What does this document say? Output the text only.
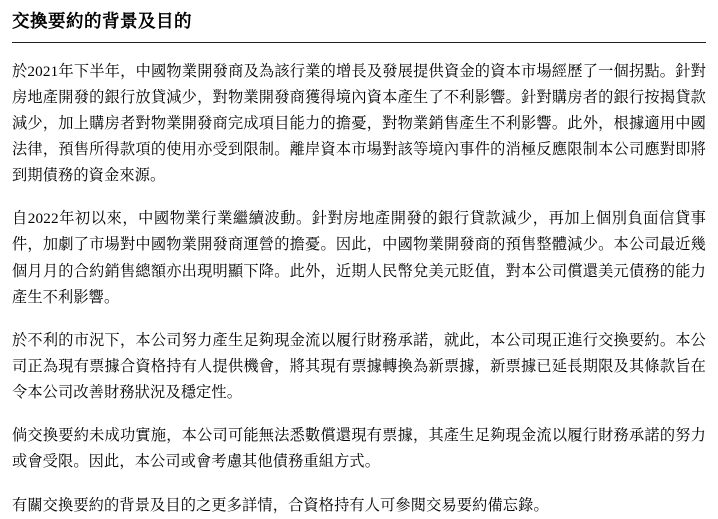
交換要約的背景及目的

於2021年下半年，中國物業開發商及為該行業的增長及發展提供資金的資本市場經歷了一個拐點。針對房地產開發的銀行放貸減少，對物業開發商獲得境內資本產生了不利影響。針對購房者的銀行按揭貸款減少，加上購房者對物業開發商完成項目能力的擔憂，對物業銷售產生不利影響。此外，根據適用中國法律，預售所得款項的使用亦受到限制。離岸資本市場對該等境內事件的消極反應限制本公司應對即將到期債務的資金來源。

自2022年初以來，中國物業行業繼續波動。針對房地產開發的銀行貸款減少，再加上個別負面信貸事件，加劇了市場對中國物業開發商運營的擔憂。因此，中國物業開發商的預售整體減少。本公司最近幾個月月的合約銷售總額亦出現明顯下降。此外，近期人民幣兌美元貶值，對本公司償還美元債務的能力產生不利影響。

於不利的市況下，本公司努力產生足夠現金流以履行財務承諾，就此，本公司現正進行交換要約。本公司正為現有票據合資格持有人提供機會，將其現有票據轉換為新票據，新票據已延長期限及其條款旨在令本公司改善財務狀況及穩定性。

倘交換要約未成功實施，本公司可能無法悉數償還現有票據，其產生足夠現金流以履行財務承諾的努力或會受限。因此，本公司或會考慮其他債務重組方式。

有關交換要約的背景及目的之更多詳情，合資格持有人可參閱交易要約備忘錄。
